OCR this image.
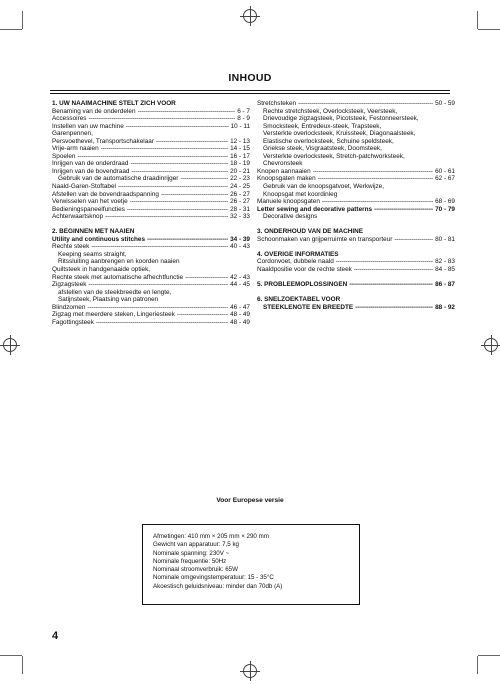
INHOUD
1. UW NAAIMACHINE STELT ZICH VOOR
Benaming van de onderdelen -----	6 - 7
Accessoires -----	8 - 9
Instellen van uw machine -----	10 - 11
Garenpennen,
Persvoethevel, Transportschakelaar -----	12 - 13
Vrije-arm naaien -----	14 - 15
Spoelen -----	16 - 17
Inrijgen van de onderdraad -----	18 - 19
Inrijgen van de bovendraad -----	20 - 21
Gebruik van de automatische draadinrijger -----	22 - 23
Naald-Garen-Stoftabel -----	24 - 25
Afstellen van de bovendraadspanning -----	26 - 27
Verwisselen van het voetje -----	26 - 27
Bedieningspaneelfuncties -----	28 - 31
Achterwaartsknop -----	32 - 33
2. BEGINNEN MET NAAIEN
Utility and continuous stitches -----	34 - 39
Rechte steek -----	40 - 43
Keeping seams straight,
Ritssluiting aanbrengen en koorden naaien
Quiltsteek in handgenaaide optiek,
Rechte steek met automatische afhechtfunctie -----	42 - 43
Zigzagsteek -----	44 - 45
afstellen van de steekbreedte en lengte,
Satijnsteek, Plaatsing van patronen
Blindzomen -----	46 - 47
Zigzag met meerdere steken, Lingeriesteek -----	48 - 49
Fagottingsteek -----	48 - 49
Stretchsteken -----	50 - 59
Rechte stretchsteek, Overlocksteek, Veersteek,
Drievoudige zigzagsteek, Picotsteek, Festonneersteek,
Smocksteek, Entredeux-steek, Trapsteek,
Versterkte overlocksteek, Kruissteek, Diagonaalsteek,
Elastische overlocksteek, Schuine speldsteek,
Griekse steek, Visgraatsteek, Doomsteek,
Versterkte overlocksteek, Stretch-patchworksteek,
Chevronsteek
Knopen aannaaien -----	60 - 61
Knoopsgaten maken -----	62 - 67
Gebruik van de knoopsgatvoet, Werkwijze,
Knoopsgat met koordinleg
Manuele knoopsgaten -----	68 - 69
Letter sewing and decorative patterns -----	70 - 79
Decorative designs
3. ONDERHOUD VAN DE MACHINE
Schoonmaken van grijperruimte en transporteur -----	80 - 81
4. OVERIGE INFORMATIES
Cordonvoet, dubbele naald -----	82 - 83
Naaldpositie voor de rechte steek -----	84 - 85
5. PROBLEEMOPLOSSINGEN -----	86 - 87
6. SNELZOEKTABEL VOOR
STEEKLENGTE EN BREEDTE -----	88 - 92
Voor Europese versie
Afmetingen: 410 mm × 205 mm × 290 mm
Gewicht van apparatuur: 7,5 kg
Nominale spanning: 230V ~
Nominale frequentie: 50Hz
Nominaal stroomverbruik: 65W
Nominale omgevingstemperatuur: 15 - 35°C
Akoestisch geluidsniveau: minder dan 70db (A)
4
